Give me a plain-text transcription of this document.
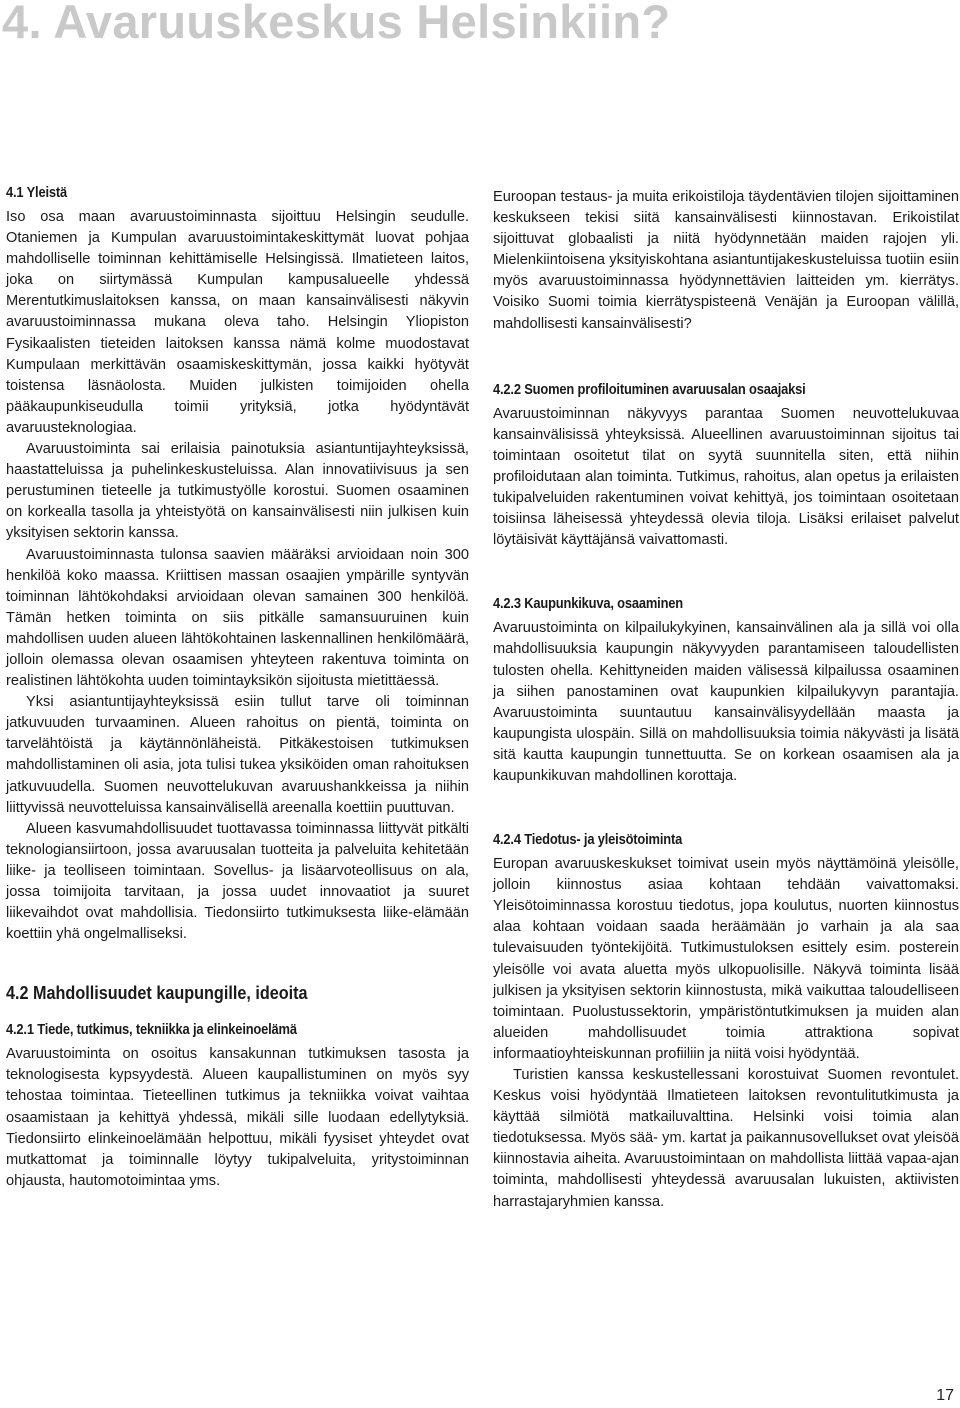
4. Avaruuskeskus Helsinkiin?
4.1 Yleistä

Iso osa maan avaruustoiminnasta sijoittuu Helsingin seudulle. Otaniemen ja Kumpulan avaruustoimintakeskittymät luovat pohjaa mahdolliselle toiminnan kehittämiselle Helsingissä. Ilmatieteen laitos, joka on siirtymässä Kumpulan kampusalueelle yhdessä Merentutkimuslaitoksen kanssa, on maan kansainvälisesti näkyvin avaruustoiminnassa mukana oleva taho. Helsingin Yliopiston Fysikaalisten tieteiden laitoksen kanssa nämä kolme muodostavat Kumpulaan merkittävän osaamiskeskittymän, jossa kaikki hyötyvät toistensa läsnäolosta. Muiden julkisten toimijoiden ohella pääkaupunkiseudulla toimii yrityksiä, jotka hyödyntävät avaruusteknologiaa.

Avaruustoiminta sai erilaisia painotuksia asiantuntijayhteyksissä, haastatteluissa ja puhelinkeskusteluissa. Alan innovatiivisuus ja sen perustuminen tieteelle ja tutkimustyölle korostui. Suomen osaaminen on korkealla tasolla ja yhteistyötä on kansainvälisesti niin julkisen kuin yksityisen sektorin kanssa.

Avaruustoiminnasta tulonsa saavien määräksi arvioidaan noin 300 henkilöä koko maassa. Kriittisen massan osaajien ympärille syntyvän toiminnan lähtökohdaksi arvioidaan olevan samainen 300 henkilöä. Tämän hetken toiminta on siis pitkälle samansuuruinen kuin mahdollisen uuden alueen lähtökohtainen laskennallinen henkilömäärä, jolloin olemassa olevan osaamisen yhteyteen rakentuva toiminta on realistinen lähtökohta uuden toimintayksikön sijoitusta mietittäessä.

Yksi asiantuntijayhteyksissä esiin tullut tarve oli toiminnan jatkuvuuden turvaaminen. Alueen rahoitus on pientä, toiminta on tarvelähtöistä ja käytännönläheistä. Pitkäkestoisen tutkimuksen mahdollistaminen oli asia, jota tulisi tukea yksiköiden oman rahoituksen jatkuvuudella. Suomen neuvottelukuvan avaruushankkeissa ja niihin liittyvissä neuvotteluissa kansainvälisellä areenalla koettiin puuttuvan.

Alueen kasvumahdollisuudet tuottavassa toiminnassa liittyvät pitkälti teknologiansiirtoon, jossa avaruusalan tuotteita ja palveluita kehitetään liike- ja teolliseen toimintaan. Sovellus- ja lisäarvoteollisuus on ala, jossa toimijoita tarvitaan, ja jossa uudet innovaatiot ja suuret liikevaihdot ovat mahdollisia. Tiedonsiirto tutkimuksesta liike-elämään koettiin yhä ongelmalliseksi.

4.2 Mahdollisuudet kaupungille, ideoita
4.2.1 Tiede, tutkimus, tekniikka ja elinkeinoelämä

Avaruustoiminta on osoitus kansakunnan tutkimuksen tasosta ja teknologisesta kypsyydestä. Alueen kaupallistuminen on myös syy tehostaa toimintaa. Tieteellinen tutkimus ja tekniikka voivat vaihtaa osaamistaan ja kehittyä yhdessä, mikäli sille luodaan edellytyksiä. Tiedonsiirto elinkeinoelämään helpottuu, mikäli fyysiset yhteydet ovat mutkattomat ja toiminnalle löytyy tukipalveluita, yritystoiminnan ohjausta, hautomotoimintaa yms.

Euroopan testaus- ja muita erikoistiloja täydentävien tilojen sijoittaminen keskukseen tekisi siitä kansainvälisesti kiinnostavan. Erikoistilat sijoittuvat globaalisti ja niitä hyödynnetään maiden rajojen yli. Mielenkiintoisena yksityiskohtana asiantuntijakeskusteluissa tuotiin esiin myös avaruustoiminnassa hyödynnettävien laitteiden ym. kierrätys. Voisiko Suomi toimia kierrätyspisteenä Venäjän ja Euroopan välillä, mahdollisesti kansainvälisesti?

4.2.2 Suomen profiloituminen avaruusalan osaajaksi

Avaruustoiminnan näkyvyys parantaa Suomen neuvottelukuvaa kansainvälisissä yhteyksissä. Alueellinen avaruustoiminnan sijoitus tai toimintaan osoitetut tilat on syytä suunnitella siten, että niihin profiloidutaan alan toiminta. Tutkimus, rahoitus, alan opetus ja erilaisten tukipalveluiden rakentuminen voivat kehittyä, jos toimintaan osoitetaan toisiinsa läheisessä yhteydessä olevia tiloja. Lisäksi erilaiset palvelut löytäisivät käyttäjänsä vaivattomasti.

4.2.3 Kaupunkikuva, osaaminen

Avaruustoiminta on kilpailukykyinen, kansainvälinen ala ja sillä voi olla mahdollisuuksia kaupungin näkyvyyden parantamiseen taloudellisten tulosten ohella. Kehittyneiden maiden välisessä kilpailussa osaaminen ja siihen panostaminen ovat kaupunkien kilpailukyvyn parantajia. Avaruustoiminta suuntautuu kansainvälisyydellään maasta ja kaupungista ulospäin. Sillä on mahdollisuuksia toimia näkyvästi ja lisätä sitä kautta kaupungin tunnettuutta. Se on korkean osaamisen ala ja kaupunkikuvan mahdollinen korottaja.

4.2.4 Tiedotus- ja yleisötoiminta

Europan avaruuskeskukset toimivat usein myös näyttämöinä yleisölle, jolloin kiinnostus asiaa kohtaan tehdään vaivattomaksi. Yleisötoiminnassa korostuu tiedotus, jopa koulutus, nuorten kiinnostus alaa kohtaan voidaan saada heräämään jo varhain ja ala saa tulevaisuuden työntekijöitä. Tutkimustuloksen esittely esim. posterein yleisölle voi avata aluetta myös ulkopuolisille. Näkyvä toiminta lisää julkisen ja yksityisen sektorin kiinnostusta, mikä vaikuttaa taloudelliseen toimintaan. Puolustussektorin, ympäristöntutkimuksen ja muiden alan alueiden mahdollisuudet toimia attraktiona sopivat informaatioyhteiskunnan profiiliin ja niitä voisi hyödyntää.

Turistien kanssa keskustellessani korostuivat Suomen revontulet. Keskus voisi hyödyntää Ilmatieteen laitoksen revontulitutkimusta ja käyttää silmiötä matkailuvalttina. Helsinki voisi toimia alan tiedotuksessa. Myös sää- ym. kartat ja paikannusovellukset ovat yleisöä kiinnostavia aiheita. Avaruustoimintaan on mahdollista liittää vapaa-ajan toiminta, mahdollisesti yhteydessä avaruusalan lukuisten, aktiivisten harrastajaryhmien kanssa.

17
